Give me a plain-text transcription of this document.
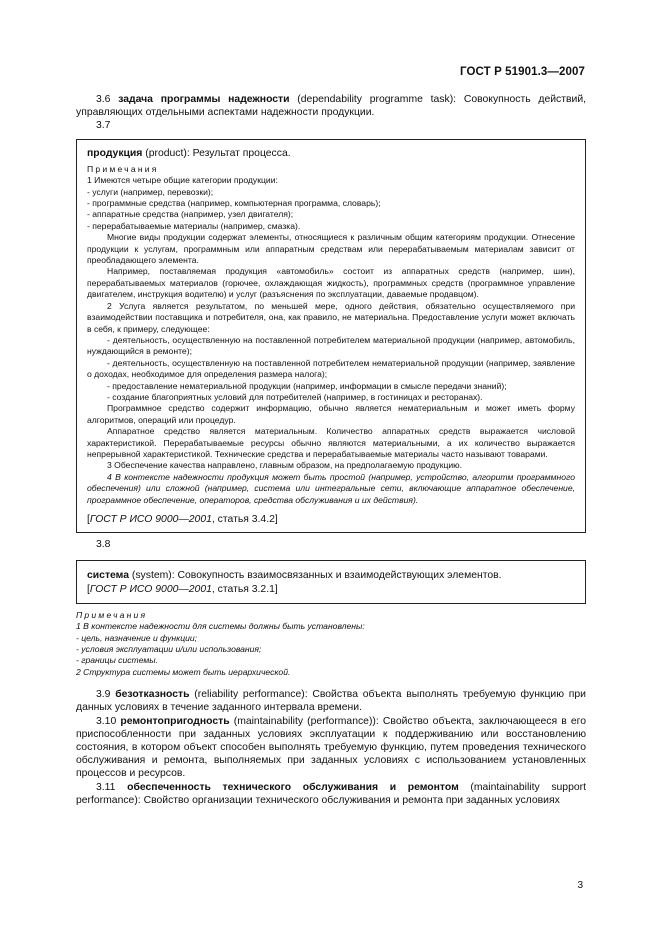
ГОСТ Р 51901.3—2007

3.6 задача программы надежности (dependability programme task): Совокупность действий, управляющих отдельными аспектами надежности продукции.

3.7

продукция (product): Результат процесса.

Примечания

1 Имеются четыре общие категории продукции:

- услуги (например, перевозки);

- программные средства (например, компьютерная программа, словарь);

- аппаратные средства (например, узел двигателя);

- перерабатываемые материалы (например, смазка).

Многие виды продукции содержат элементы, относящиеся к различным общим категориям продукции. Отнесение продукции к услугам, программным или аппаратным средствам или перерабатываемым материалам зависит от преобладающего элемента.

Например, поставляемая продукция «автомобиль» состоит из аппаратных средств (например, шин), перерабатываемых материалов (горючее, охлаждающая жидкость), программных средств (программное управление двигателем, инструкция водителю) и услуг (разъяснения по эксплуатации, даваемые продавцом).

2 Услуга является результатом, по меньшей мере, одного действия, обязательно осуществляемого при взаимодействии поставщика и потребителя, она, как правило, не материальна. Предоставление услуги может включать в себя, к примеру, следующее:

- деятельность, осуществленную на поставленной потребителем материальной продукции (например, автомобиль, нуждающийся в ремонте);

- деятельность, осуществленную на поставленной потребителем нематериальной продукции (например, заявление о доходах, необходимое для определения размера налога);

- предоставление нематериальной продукции (например, информации в смысле передачи знаний);

- создание благоприятных условий для потребителей (например, в гостиницах и ресторанах).

Программное средство содержит информацию, обычно является нематериальным и может иметь форму алгоритмов, операций или процедур.

Аппаратное средство является материальным. Количество аппаратных средств выражается числовой характеристикой. Перерабатываемые ресурсы обычно являются материальными, а их количество выражается непрерывной характеристикой. Технические средства и перерабатываемые материалы часто называют товарами.

3 Обеспечение качества направлено, главным образом, на предполагаемую продукцию.

4 В контексте надежности продукция может быть простой (например, устройство, алгоритм программного обеспечения) или сложной (например, система или интегральные сети, включающие аппаратное обеспечение, программное обеспечение, операторов, средства обслуживания и их действия).

[ГОСТ Р ИСО 9000—2001, статья 3.4.2]

3.8

система (system): Совокупность взаимосвязанных и взаимодействующих элементов.

[ГОСТ Р ИСО 9000—2001, статья 3.2.1]

Примечания

1 В контексте надежности для системы должны быть установлены:

- цель, назначение и функции;

- условия эксплуатации и/или использования;

- границы системы.

2 Структура системы может быть иерархической.

3.9 безотказность (reliability performance): Свойства объекта выполнять требуемую функцию при данных условиях в течение заданного интервала времени.

3.10 ремонтопригодность (maintainability (performance)): Свойство объекта, заключающееся в его приспособленности при заданных условиях эксплуатации к поддерживанию или восстановлению состояния, в котором объект способен выполнять требуемую функцию, путем проведения технического обслуживания и ремонта, выполняемых при заданных условиях с использованием установленных процессов и ресурсов.

3.11 обеспеченность технического обслуживания и ремонтом (maintainability support performance): Свойство организации технического обслуживания и ремонта при заданных условиях

3
